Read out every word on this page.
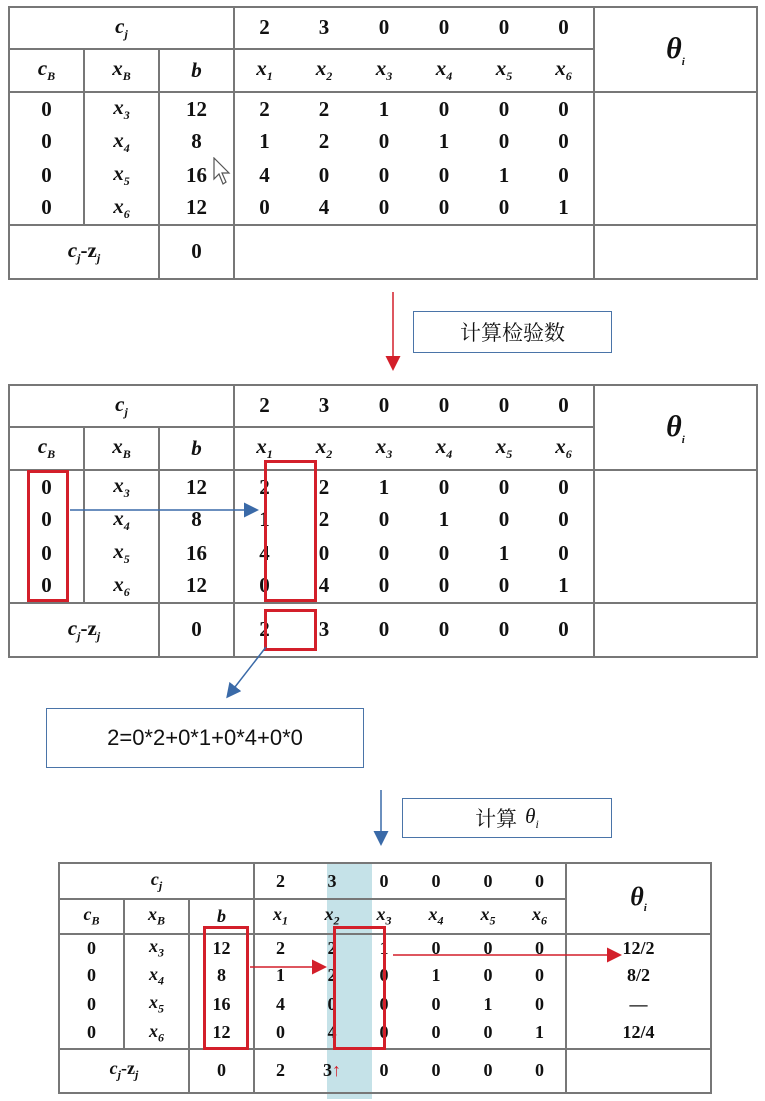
$c_j$			2	3	0	0	0	0	$\theta_i$
$c_B$	$x_B$	b	$x_1$	$x_2$	$x_3$	$x_4$	$x_5$	$x_6$
0	$x_3$	12	2	2	1	0	0	0	
0	$x_4$	8	1	2	0	1	0	0	
0	$x_5$	16	4	0	0	0	1	0	
0	$x_6$	12	0	4	0	0	0	1	
$c_j-z_j$		0							
$c_j$			2	3	0	0	0	0	$\theta_i$
$c_B$	$x_B$	b	$x_1$	$x_2$	$x_3$	$x_4$	$x_5$	$x_6$
0	$x_3$	12	2	2	1	0	0	0	
0	$x_4$	8	1	2	0	1	0	0	
0	$x_5$	16	4	0	0	0	1	0	
0	$x_6$	12	0	4	0	0	0	1	
$c_j-z_j$		0	2	3	0	0	0	0	
$c_j$			2	3	0	0	0	0	$\theta_i$
$c_B$	$x_B$	b	$x_1$	$x_2$	$x_3$	$x_4$	$x_5$	$x_6$
0	$x_3$	12	2	2	1	0	0	0	12/2
0	$x_4$	8	1	2	0	1	0	0	8/2
0	$x_5$	16	4	0	0	0	1	0	—
0	$x_6$	12	0	4	0	0	0	1	12/4
$c_j-z_j$		0	2	3↑	0	0	0	0	
计算检验数
2=0*2+0*1+0*4+0*0
计算 $\theta_i$
